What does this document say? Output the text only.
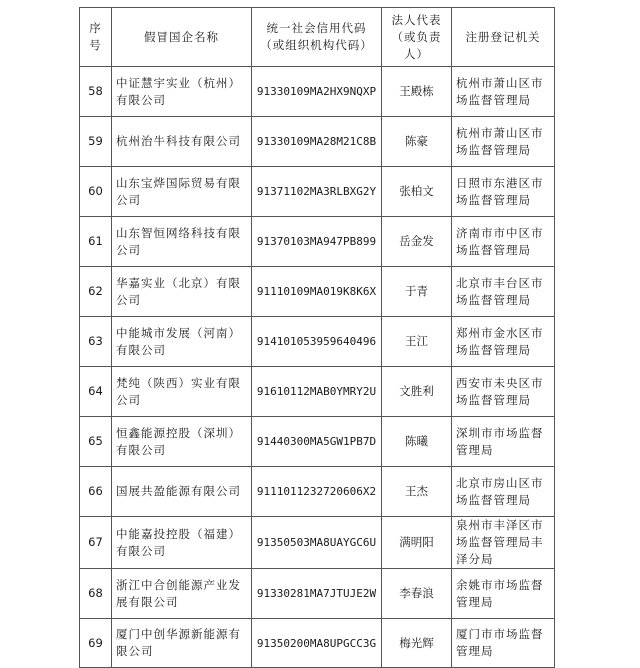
序号	假冒国企名称	统一社会信用代码（或组织机构代码）	法人代表（或负责人）	注册登记机关
58	中证慧宇实业（杭州）有限公司	91330109MA2HX9NQXP	王殿栋	杭州市萧山区市场监督管理局
59	杭州治牛科技有限公司	91330109MA28M21C8B	陈豪	杭州市萧山区市场监督管理局
60	山东宝烨国际贸易有限公司	91371102MA3RLBXG2Y	张柏文	日照市东港区市场监督管理局
61	山东智恒网络科技有限公司	91370103MA947PB899	岳金发	济南市市中区市场监督管理局
62	华嘉实业（北京）有限公司	91110109MA019K8K6X	于青	北京市丰台区市场监督管理局
63	中能城市发展（河南）有限公司	914101053959640496	王江	郑州市金水区市场监督管理局
64	梵纯（陕西）实业有限公司	91610112MAB0YMRY2U	文胜利	西安市未央区市场监督管理局
65	恒鑫能源控股（深圳）有限公司	91440300MA5GW1PB7D	陈曦	深圳市市场监督管理局
66	国展共盈能源有限公司	9111011232720606X2	王杰	北京市房山区市场监督管理局
67	中能嘉投控股（福建）有限公司	91350503MA8UAYGC6U	满明阳	泉州市丰泽区市场监督管理局丰泽分局
68	浙江中合创能源产业发展有限公司	91330281MA7JTUJE2W	李春浪	余姚市市场监督管理局
69	厦门中创华源新能源有限公司	91350200MA8UPGCC3G	梅光辉	厦门市市场监督管理局
